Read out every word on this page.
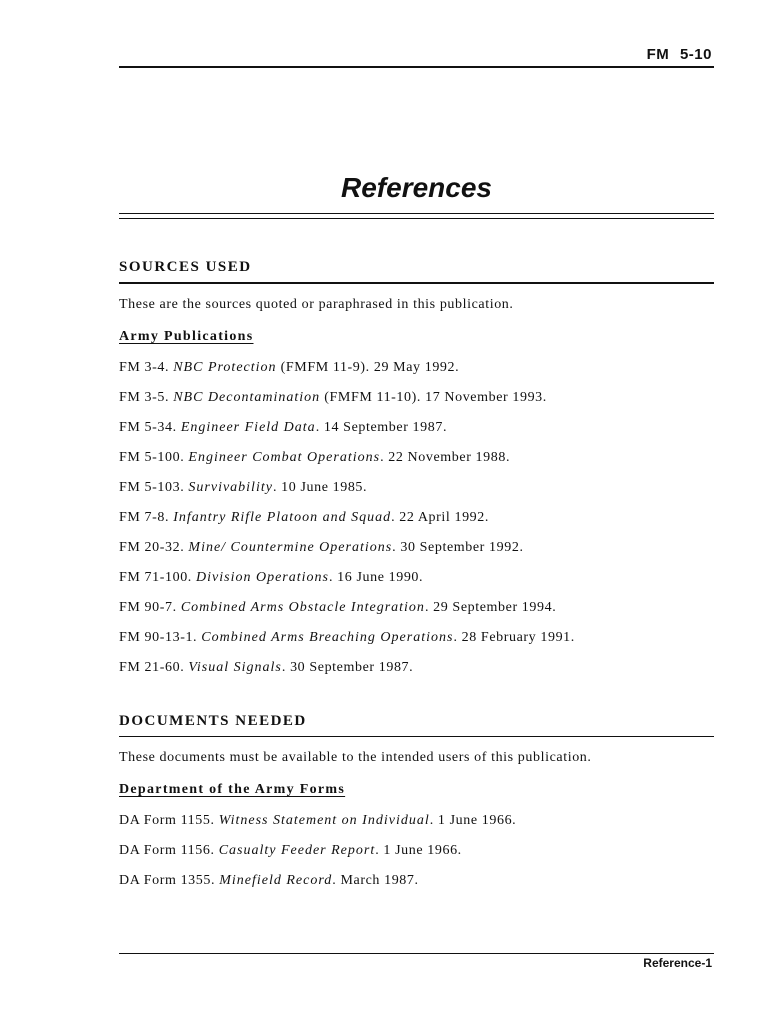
FM 5-10
References
SOURCES USED

These are the sources quoted or paraphrased in this publication.

Army Publications
FM 3-4. NBC Protection (FMFM 11-9). 29 May 1992.
FM 3-5. NBC Decontamination (FMFM 11-10). 17 November 1993.
FM 5-34. Engineer Field Data. 14 September 1987.
FM 5-100. Engineer Combat Operations. 22 November 1988.
FM 5-103. Survivability. 10 June 1985.
FM 7-8. Infantry Rifle Platoon and Squad. 22 April 1992.
FM 20-32. Mine/ Countermine Operations. 30 September 1992.
FM 71-100. Division Operations. 16 June 1990.
FM 90-7. Combined Arms Obstacle Integration. 29 September 1994.
FM 90-13-1. Combined Arms Breaching Operations. 28 February 1991.
FM 21-60. Visual Signals. 30 September 1987.
DOCUMENTS NEEDED

These documents must be available to the intended users of this publication.

Department of the Army Forms
DA Form 1155. Witness Statement on Individual. 1 June 1966.
DA Form 1156. Casualty Feeder Report. 1 June 1966.
DA Form 1355. Minefield Record. March 1987.
Reference-1
